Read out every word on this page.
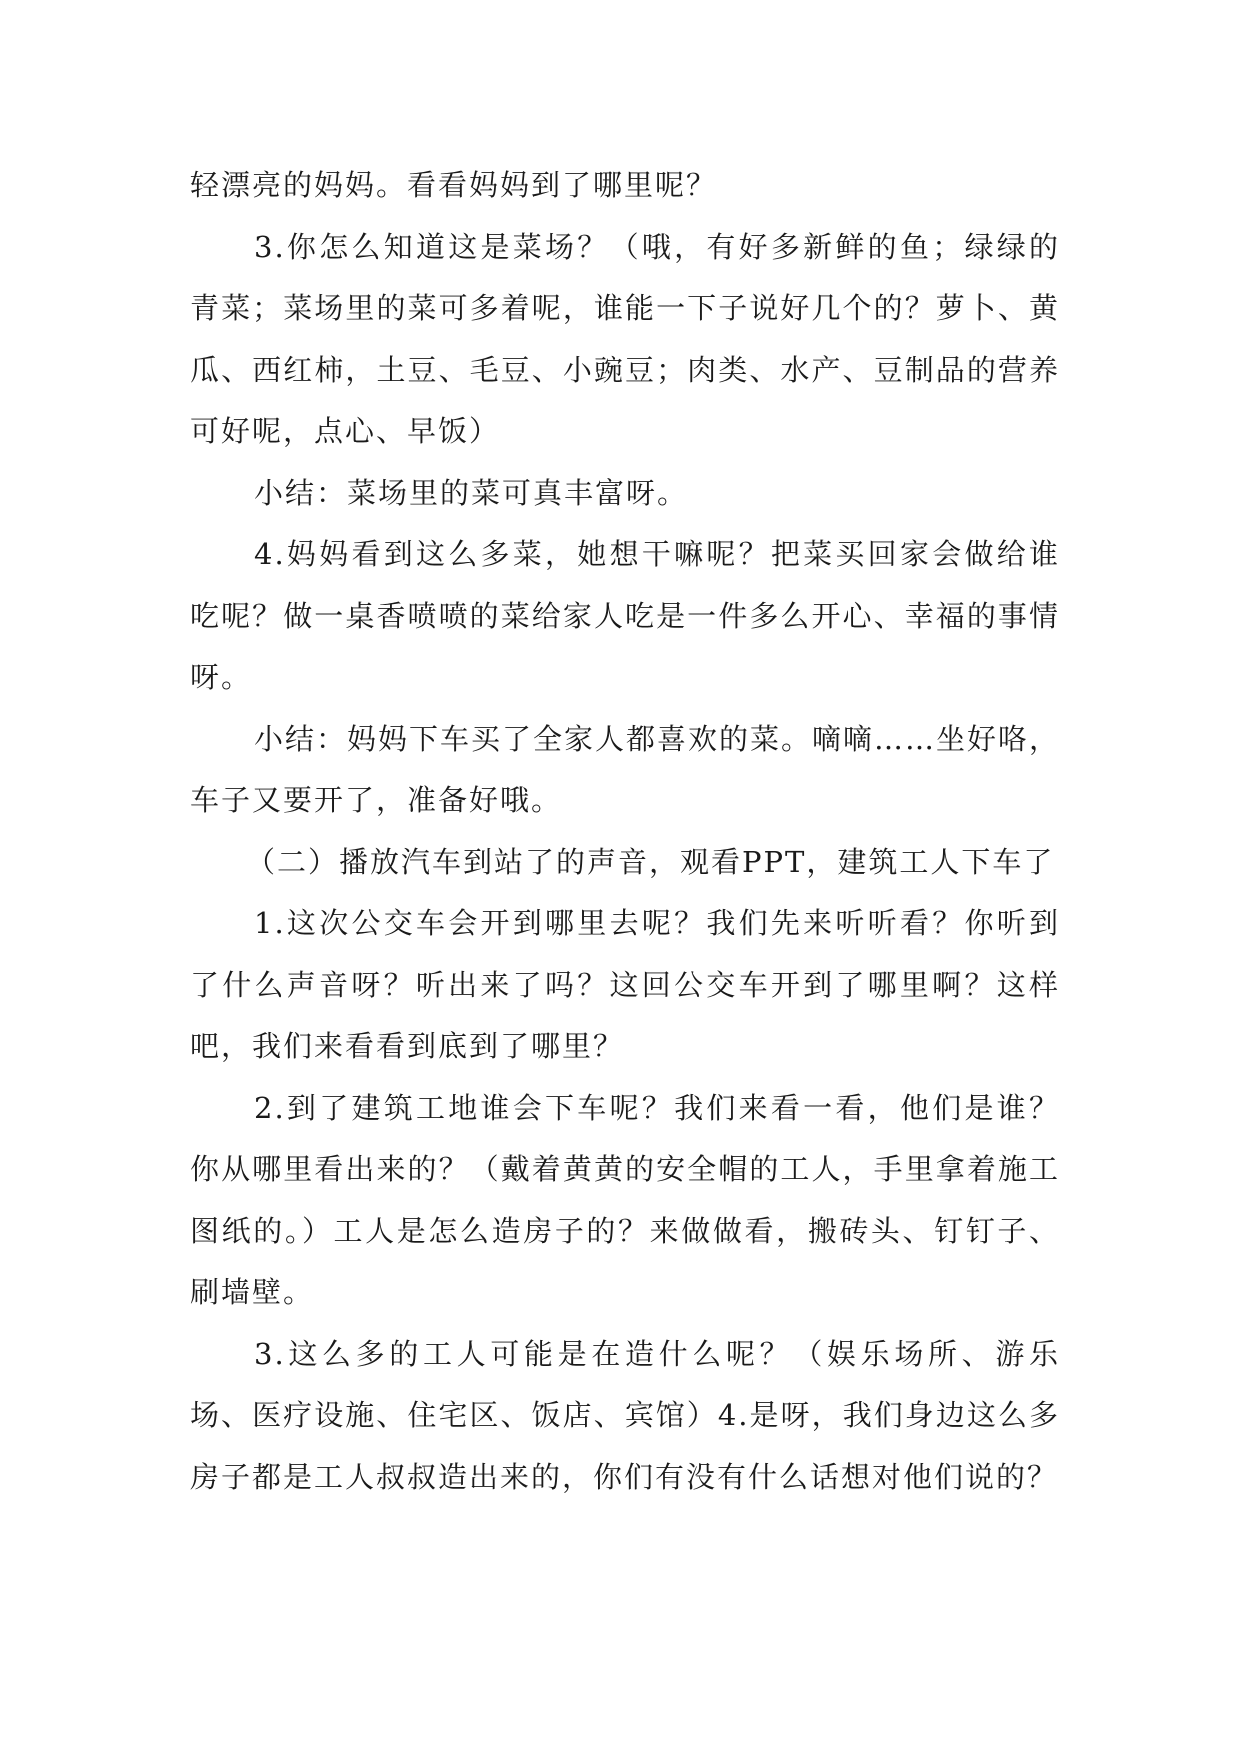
轻漂亮的妈妈。看看妈妈到了哪里呢？

3.你怎么知道这是菜场？（哦，有好多新鲜的鱼；绿绿的青菜；菜场里的菜可多着呢，谁能一下子说好几个的？萝卜、黄瓜、西红柿，土豆、毛豆、小豌豆；肉类、水产、豆制品的营养可好呢，点心、早饭）

小结：菜场里的菜可真丰富呀。

4.妈妈看到这么多菜，她想干嘛呢？把菜买回家会做给谁吃呢？做一桌香喷喷的菜给家人吃是一件多么开心、幸福的事情呀。

小结：妈妈下车买了全家人都喜欢的菜。嘀嘀……坐好咯，车子又要开了，准备好哦。

（二）播放汽车到站了的声音，观看PPT，建筑工人下车了

1.这次公交车会开到哪里去呢？我们先来听听看？你听到了什么声音呀？听出来了吗？这回公交车开到了哪里啊？这样吧，我们来看看到底到了哪里？

2.到了建筑工地谁会下车呢？我们来看一看，他们是谁？你从哪里看出来的？（戴着黄黄的安全帽的工人，手里拿着施工图纸的。）工人是怎么造房子的？来做做看，搬砖头、钉钉子、刷墙壁。

3.这么多的工人可能是在造什么呢？（娱乐场所、游乐场、医疗设施、住宅区、饭店、宾馆）4.是呀，我们身边这么多房子都是工人叔叔造出来的，你们有没有什么话想对他们说的？
